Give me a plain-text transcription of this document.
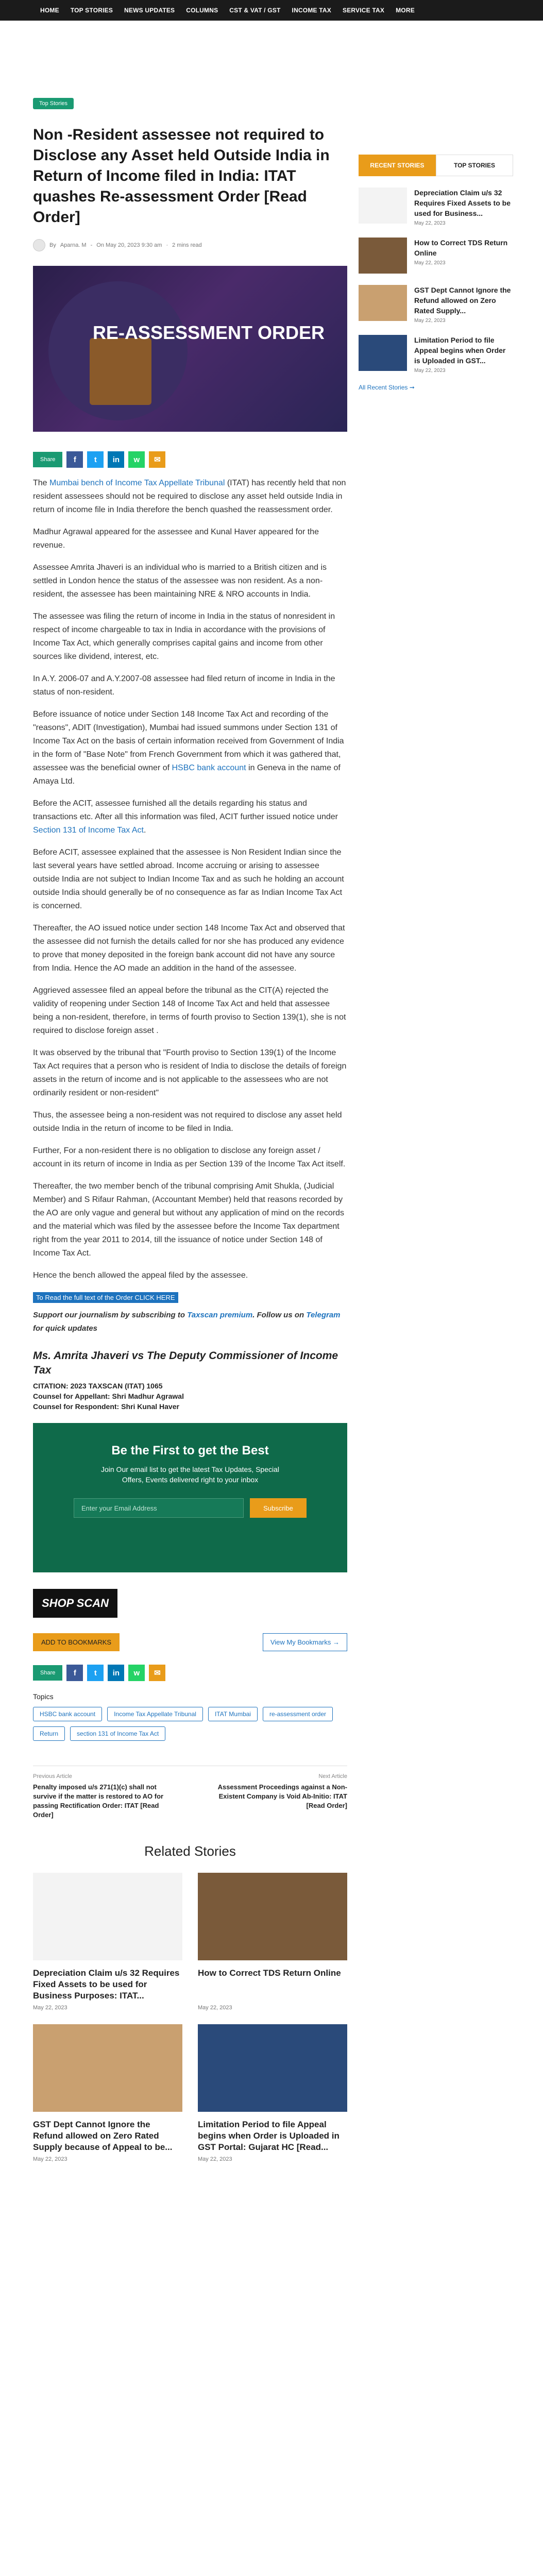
HOME TOP STORIES NEWS UPDATES COLUMNS CST & VAT / GST INCOME TAX SERVICE TAX MORE
Top Stories
Non -Resident assessee not required to Disclose any Asset held Outside India in Return of Income filed in India: ITAT quashes Re-assessment Order [Read Order]
By Aparna. M - On May 20, 2023 9:30 am · 2 mins read
RE-ASSESSMENT ORDER
Share	f	t	in	w	✉

The Mumbai bench of Income Tax Appellate Tribunal (ITAT) has recently held that non resident assessees should not be required to disclose any asset held outside India in return of income file in India therefore the bench quashed the reassessment order.

Madhur Agrawal appeared for the assessee and Kunal Haver appeared for the revenue.

Assessee Amrita Jhaveri is an individual who is married to a British citizen and is settled in London hence the status of the assessee was non resident. As a non-resident, the assessee has been maintaining NRE & NRO accounts in India.

The assessee was filing the return of income in India in the status of nonresident in respect of income chargeable to tax in India in accordance with the provisions of Income Tax Act, which generally comprises capital gains and income from other sources like dividend, interest, etc.

In A.Y. 2006-07 and A.Y.2007-08 assessee had filed return of income in India in the status of non-resident.

Before issuance of notice under Section 148 Income Tax Act and recording of the "reasons", ADIT (Investigation), Mumbai had issued summons under Section 131 of Income Tax Act on the basis of certain information received from Government of India in the form of "Base Note" from French Government from which it was gathered that, assessee was the beneficial owner of HSBC bank account in Geneva in the name of Amaya Ltd.

Before the ACIT, assessee furnished all the details regarding his status and transactions etc. After all this information was filed, ACIT further issued notice under Section 131 of Income Tax Act.

Before ACIT, assessee explained that the assessee is Non Resident Indian since the last several years have settled abroad. Income accruing or arising to assessee outside India are not subject to Indian Income Tax and as such he holding an account outside India should generally be of no consequence as far as Indian Income Tax Act is concerned.

Thereafter, the AO issued notice under section 148 Income Tax Act and observed that the assessee did not furnish the details called for nor she has produced any evidence to prove that money deposited in the foreign bank account did not have any source from India. Hence the AO made an addition in the hand of the assessee.

Aggrieved assessee filed an appeal before the tribunal as the CIT(A) rejected the validity of reopening under Section 148 of Income Tax Act and held that assessee being a non-resident, therefore, in terms of fourth proviso to Section 139(1), she is not required to disclose foreign asset .

It was observed by the tribunal that "Fourth proviso to Section 139(1) of the Income Tax Act requires that a person who is resident of India to disclose the details of foreign assets in the return of income and is not applicable to the assessees who are not ordinarily resident or non-resident"

Thus, the assessee being a non-resident was not required to disclose any asset held outside India in the return of income to be filed in India.

Further, For a non-resident there is no obligation to disclose any foreign asset / account in its return of income in India as per Section 139 of the Income Tax Act itself.

Thereafter, the two member bench of the tribunal comprising Amit Shukla, (Judicial Member) and S Rifaur Rahman, (Accountant Member) held that reasons recorded by the AO are only vague and general but without any application of mind on the records and the material which was filed by the assessee before the Income Tax department right from the year 2011 to 2014, till the issuance of notice under Section 148 of Income Tax Act.

Hence the bench allowed the appeal filed by the assessee.

To Read the full text of the Order CLICK HERE

Support our journalism by subscribing to Taxscan premium. Follow us on Telegram for quick updates

Ms. Amrita Jhaveri vs The Deputy Commissioner of Income Tax
CITATION: 2023 TAXSCAN (ITAT) 1065
Counsel for Appellant: Shri Madhur Agrawal
Counsel for Respondent: Shri Kunal Haver
Be the First to get the Best

Join Our email list to get the latest Tax Updates, Special Offers, Events delivered right to your inbox

Enter your Email Address
Subscribe
SHOP SCAN
ADD TO BOOKMARKS	View My Bookmarks →
Share	f	t	in	w	✉
Topics
HSBC bank account	Income Tax Appellate Tribunal	ITAT Mumbai	re-assessment order
Return	section 131 of Income Tax Act
Previous Article
Penalty imposed u/s 271(1)(c) shall not survive if the matter is restored to AO for passing Rectification Order: ITAT [Read Order]
Next Article
Assessment Proceedings against a Non-Existent Company is Void Ab-Initio: ITAT [Read Order]
Related Stories
Depreciation Claim u/s 32 Requires Fixed Assets to be used for Business Purposes: ITAT...
May 22, 2023
How to Correct TDS Return Online
May 22, 2023
GST Dept Cannot Ignore the Refund allowed on Zero Rated Supply because of Appeal to be...
May 22, 2023
Limitation Period to file Appeal begins when Order is Uploaded in GST Portal: Gujarat HC [Read...
May 22, 2023
RECENT STORIES	TOP STORIES
Depreciation Claim u/s 32 Requires Fixed Assets to be used for Business...
May 22, 2023
How to Correct TDS Return Online
May 22, 2023
GST Dept Cannot Ignore the Refund allowed on Zero Rated Supply...
May 22, 2023
Limitation Period to file Appeal begins when Order is Uploaded in GST...
May 22, 2023
All Recent Stories ➞
